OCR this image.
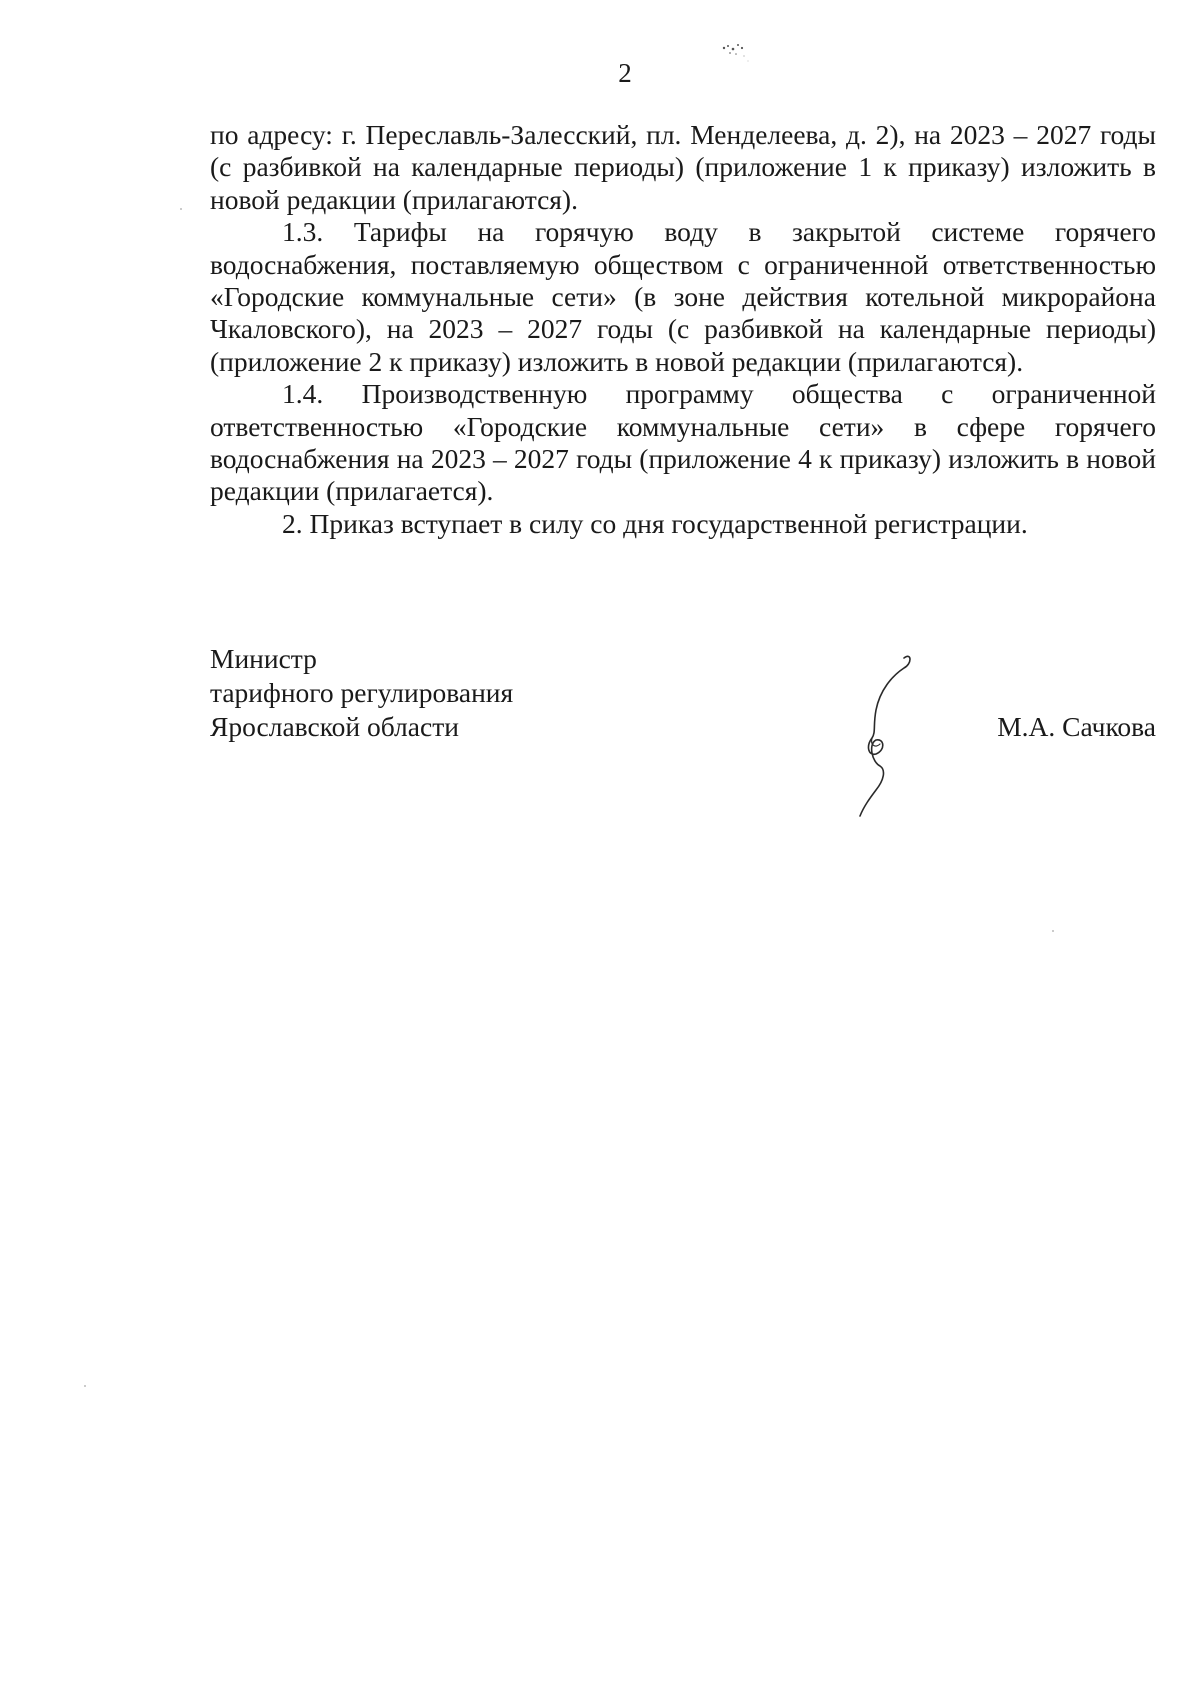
2

по адресу: г. Переславль-Залесский, пл. Менделеева, д. 2), на 2023 – 2027 годы (с разбивкой на календарные периоды) (приложение 1 к приказу) изложить в новой редакции (прилагаются).

1.3. Тарифы на горячую воду в закрытой системе горячего водоснабжения, поставляемую обществом с ограниченной ответственностью «Городские коммунальные сети» (в зоне действия котельной микрорайона Чкаловского), на 2023 – 2027 годы (с разбивкой на календарные периоды) (приложение 2 к приказу) изложить в новой редакции (прилагаются).

1.4. Производственную программу общества с ограниченной ответственностью «Городские коммунальные сети» в сфере горячего водоснабжения на 2023 – 2027 годы (приложение 4 к приказу) изложить в новой редакции (прилагается).

2. Приказ вступает в силу со дня государственной регистрации.

Министр
тарифного регулирования
Ярославской области	М.А. Сачкова
